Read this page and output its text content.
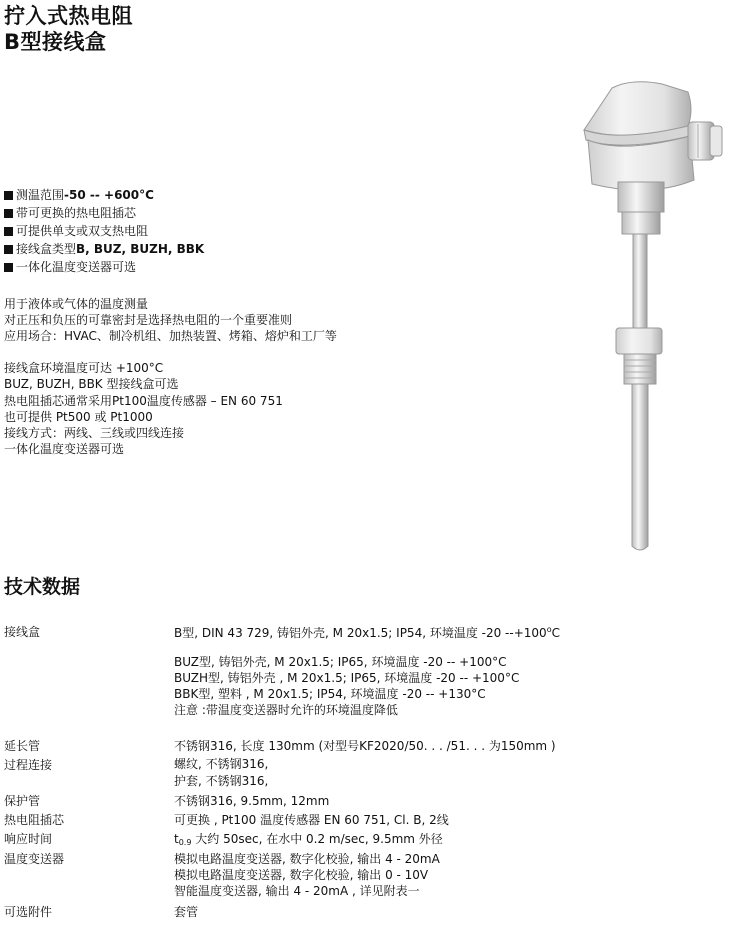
拧入式热电阻
B型接线盒
测温范围 -50 -- +600°C
带可更换的热电阻插芯
可提供单支或双支热电阻
接线盒类型 B, BUZ, BUZH, BBK
一体化温度变送器可选
用于液体或气体的温度测量
对正压和负压的可靠密封是选择热电阻的一个重要准则
应用场合：HVAC、制冷机组、加热装置、烤箱、熔炉和工厂等
接线盒环境温度可达 +100°C
BUZ, BUZH, BBK 型接线盒可选
热电阻插芯通常采用Pt100温度传感器 – EN 60 751
也可提供 Pt500 或 Pt1000
接线方式：两线、三线或四线连接
一体化温度变送器可选
技术数据
接线盒	B型, DIN 43 729, 铸铝外壳, M 20x1.5; IP54, 环境温度 -20 $--+100^oC$
BUZ型, 铸铝外壳, M 20x1.5; IP65, 环境温度 -20 -- +100°C
BUZH型, 铸铝外壳 , M 20x1.5; IP65, 环境温度 -20 -- +100°C
BBK型, 塑料 , M 20x1.5; IP54, 环境温度 -20 -- +130°C
注意 :带温度变送器时允许的环境温度降低
延长管	不锈钢316, 长度 130mm (对型号KF2020/50. . . /51. . . 为150mm )
过程连接	螺纹, 不锈钢316,
护套, 不锈钢316,
保护管	不锈钢316, 9.5mm, 12mm
热电阻插芯	可更换 , Pt100 温度传感器 EN 60 751, Cl. B, 2线
响应时间	$t_{0.9}$ 大约 50sec, 在水中 0.2 m/sec, 9.5mm 外径
温度变送器	模拟电路温度变送器, 数字化校验, 输出 4 - 20mA
模拟电路温度变送器, 数字化校验, 输出 0 - 10V
智能温度变送器, 输出 4 - 20mA , 详见附表一
可选附件	套管
